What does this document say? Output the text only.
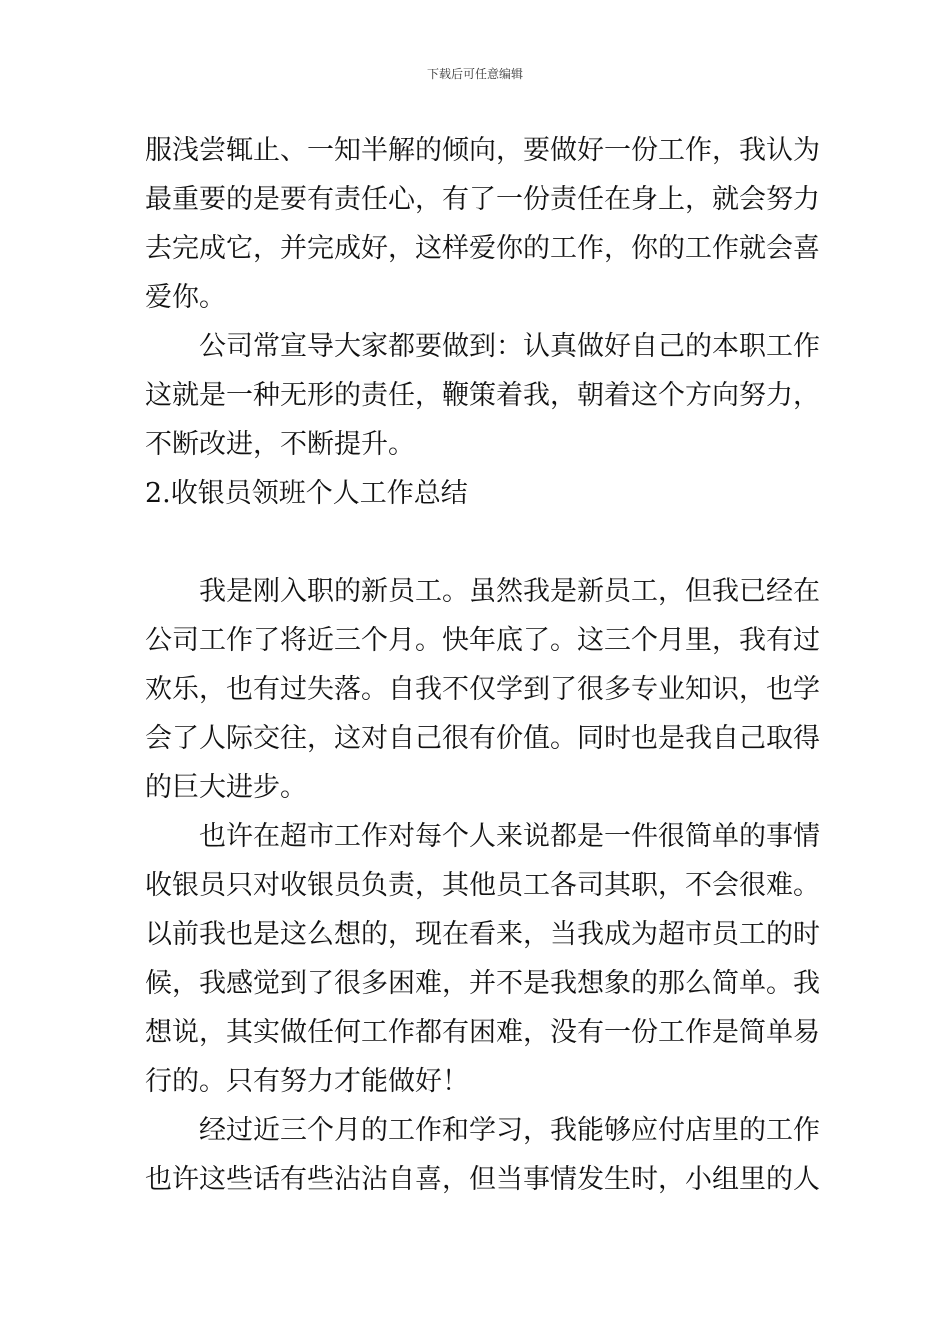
下载后可任意编辑
服浅尝辄止、一知半解的倾向，要做好一份工作，我认为
最重要的是要有责任心，有了一份责任在身上，就会努力
去完成它，并完成好，这样爱你的工作，你的工作就会喜
爱你。
公司常宣导大家都要做到：认真做好自己的本职工作
这就是一种无形的责任，鞭策着我，朝着这个方向努力，
不断改进，不断提升。
2.收银员领班个人工作总结
我是刚入职的新员工。虽然我是新员工，但我已经在
公司工作了将近三个月。快年底了。这三个月里，我有过
欢乐，也有过失落。自我不仅学到了很多专业知识，也学
会了人际交往，这对自己很有价值。同时也是我自己取得
的巨大进步。
也许在超市工作对每个人来说都是一件很简单的事情
收银员只对收银员负责，其他员工各司其职，不会很难。
以前我也是这么想的，现在看来，当我成为超市员工的时
候，我感觉到了很多困难，并不是我想象的那么简单。我
想说，其实做任何工作都有困难，没有一份工作是简单易
行的。只有努力才能做好！
经过近三个月的工作和学习，我能够应付店里的工作
也许这些话有些沾沾自喜，但当事情发生时，小组里的人
